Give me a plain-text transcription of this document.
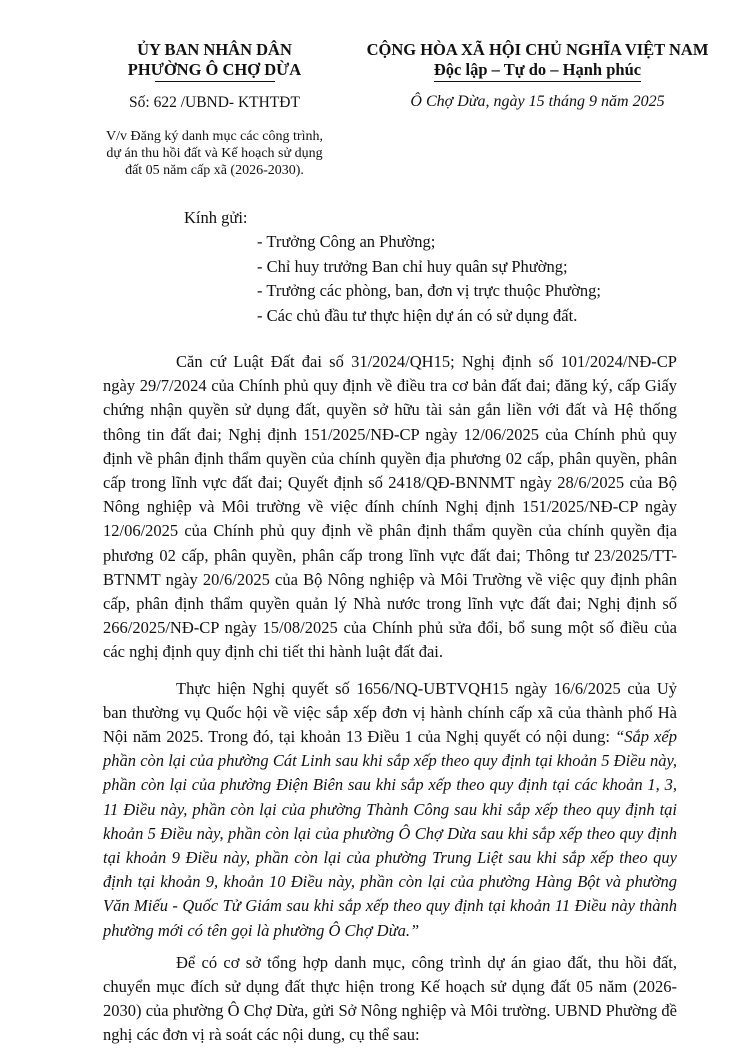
ỦY BAN NHÂN DÂN

PHƯỜNG Ô CHỢ DỪA

Số: 622 /UBND- KTHTĐT
V/v Đăng ký danh mục các công trình,
dự án thu hồi đất và Kế hoạch sử dụng
đất 05 năm cấp xã (2026-2030).

CỘNG HÒA XÃ HỘI CHỦ NGHĨA VIỆT NAM

Độc lập – Tự do – Hạnh phúc
Ô Chợ Dừa, ngày 15 tháng 9 năm 2025
Kính gửi:
- Trưởng Công an Phường;
- Chỉ huy trưởng Ban chỉ huy quân sự Phường;
- Trưởng các phòng, ban, đơn vị trực thuộc Phường;
- Các chủ đầu tư thực hiện dự án có sử dụng đất.

Căn cứ Luật Đất đai số 31/2024/QH15; Nghị định số 101/2024/NĐ-CP ngày 29/7/2024 của Chính phủ quy định về điều tra cơ bản đất đai; đăng ký, cấp Giấy chứng nhận quyền sử dụng đất, quyền sở hữu tài sản gắn liền với đất và Hệ thống thông tin đất đai; Nghị định 151/2025/NĐ-CP ngày 12/06/2025 của Chính phủ quy định về phân định thẩm quyền của chính quyền địa phương 02 cấp, phân quyền, phân cấp trong lĩnh vực đất đai; Quyết định số 2418/QĐ-BNNMT ngày 28/6/2025 của Bộ Nông nghiệp và Môi trường về việc đính chính Nghị định 151/2025/NĐ-CP ngày 12/06/2025 của Chính phủ quy định về phân định thẩm quyền của chính quyền địa phương 02 cấp, phân quyền, phân cấp trong lĩnh vực đất đai; Thông tư 23/2025/TT-BTNMT ngày 20/6/2025 của Bộ Nông nghiệp và Môi Trường về việc quy định phân cấp, phân định thẩm quyền quản lý Nhà nước trong lĩnh vực đất đai; Nghị định số 266/2025/NĐ-CP ngày 15/08/2025 của Chính phủ sửa đổi, bổ sung một số điều của các nghị định quy định chi tiết thi hành luật đất đai.

Thực hiện Nghị quyết số 1656/NQ-UBTVQH15 ngày 16/6/2025 của Uỷ ban thường vụ Quốc hội về việc sắp xếp đơn vị hành chính cấp xã của thành phố Hà Nội năm 2025. Trong đó, tại khoản 13 Điều 1 của Nghị quyết có nội dung: “Sắp xếp phần còn lại của phường Cát Linh sau khi sắp xếp theo quy định tại khoản 5 Điều này, phần còn lại của phường Điện Biên sau khi sắp xếp theo quy định tại các khoản 1, 3, 11 Điều này, phần còn lại của phường Thành Công sau khi sắp xếp theo quy định tại khoản 5 Điều này, phần còn lại của phường Ô Chợ Dừa sau khi sắp xếp theo quy định tại khoản 9 Điều này, phần còn lại của phường Trung Liệt sau khi sắp xếp theo quy định tại khoản 9, khoản 10 Điều này, phần còn lại của phường Hàng Bột và phường Văn Miếu - Quốc Tử Giám sau khi sắp xếp theo quy định tại khoản 11 Điều này thành phường mới có tên gọi là phường Ô Chợ Dừa.”

Để có cơ sở tổng hợp danh mục, công trình dự án giao đất, thu hồi đất, chuyển mục đích sử dụng đất thực hiện trong Kế hoạch sử dụng đất 05 năm (2026-2030) của phường Ô Chợ Dừa, gửi Sở Nông nghiệp và Môi trường. UBND Phường đề nghị các đơn vị rà soát các nội dung, cụ thể sau:
